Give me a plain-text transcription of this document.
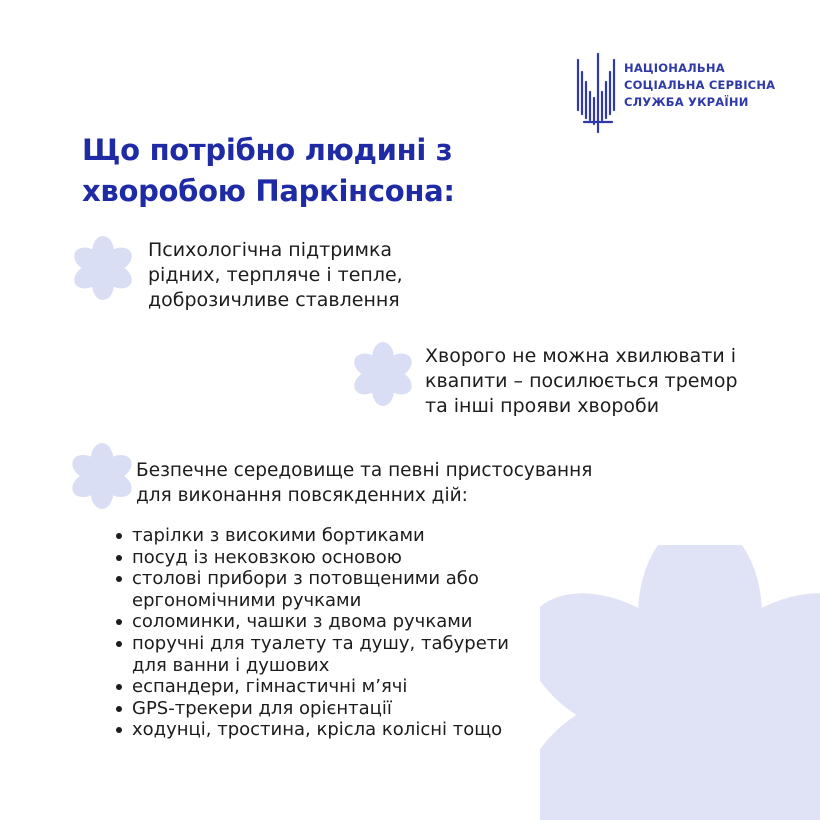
НАЦІОНАЛЬНА
СОЦІАЛЬНА СЕРВІСНА
СЛУЖБА УКРАЇНИ
Що потрібно людині з
хворобою Паркінсона:
Психологічна підтримка
рідних, терпляче і тепле,
доброзичливе ставлення
Хворого не можна хвилювати і
квапити – посилюється тремор
та інші прояви хвороби
Безпечне середовище та певні пристосування
для виконання повсякденних дій:
тарілки з високими бортиками
посуд із нековзкою основою
столові прибори з потовщеними або
ергономічними ручками
соломинки, чашки з двома ручками
поручні для туалету та душу, табурети
для ванни і душових
еспандери, гімнастичні м’ячі
GPS-трекери для орієнтації
ходунці, тростина, крісла колісні тощо
